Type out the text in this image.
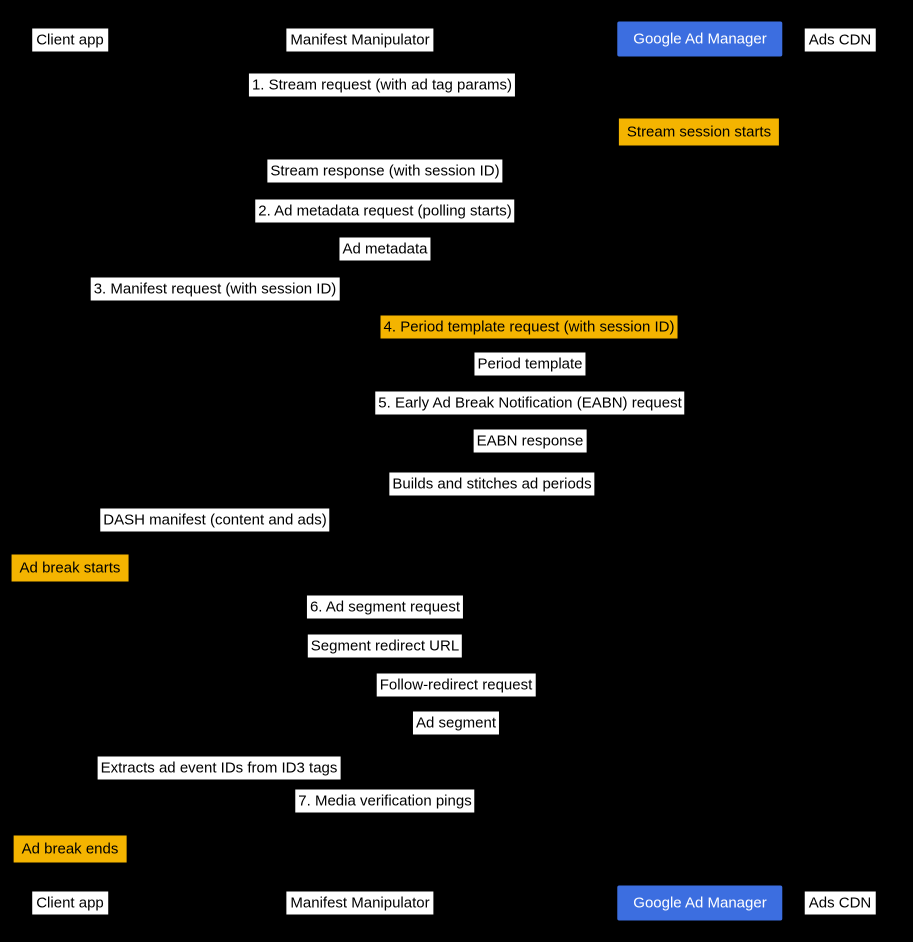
Client app	Manifest Manipulator	Google Ad Manager	Ads CDN
1. Stream request (with ad tag params)
Stream response (with session ID)
2. Ad metadata request (polling starts)
Ad metadata
3. Manifest request (with session ID)
4. Period template request (with session ID)
Period template
5. Early Ad Break Notification (EABN) request
EABN response
Builds and stitches ad periods
DASH manifest (content and ads)
6. Ad segment request
Segment redirect URL
Follow-redirect request
Ad segment
Extracts ad event IDs from ID3 tags
7. Media verification pings
Stream session starts
Ad break starts
Ad break ends
Client app	Manifest Manipulator	Google Ad Manager	Ads CDN
